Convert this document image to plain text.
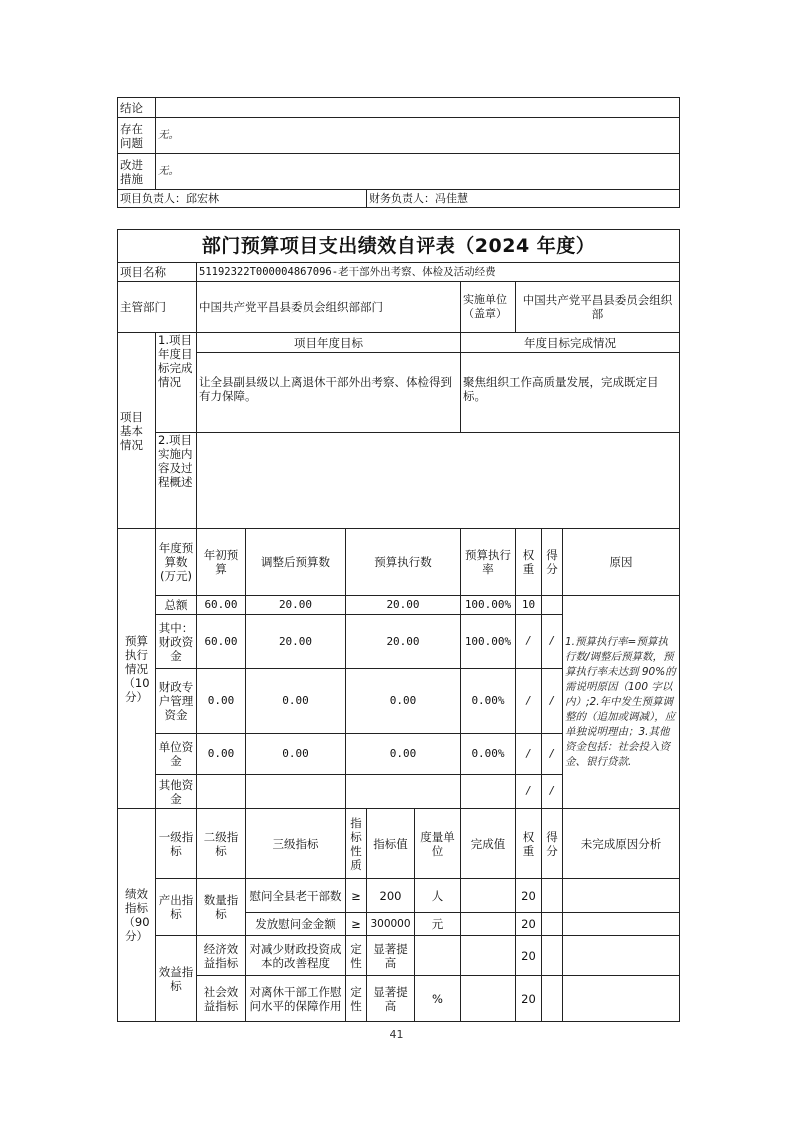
结论		
存在问题	无。	
改进措施	无。	
项目负责人：邱宏林		财务负责人：冯佳慧
部门预算项目支出绩效自评表（2024 年度）										
项目名称		51192322T000004867096-老干部外出考察、体检及活动经费								
主管部门		中国共产党平昌县委员会组织部部门					实施单位（盖章）	中国共产党平昌县委员会组织部		
项目基本情况	1.项目年度目标完成情况	项目年度目标					年度目标完成情况			
		让全县副县级以上离退休干部外出考察、体检得到有力保障。					聚焦组织工作高质量发展，完成既定目标。			
	2.项目实施内容及过程概述									
预算执行情况（10分）	年度预算数(万元)	年初预算	调整后预算数	预算执行数			预算执行率	权重	得分	原因
	总额	60.00	20.00	20.00			100.00%	10		1.预算执行率=预算执行数/调整后预算数，预算执行率未达到 90%的需说明原因（100 字以内）;2.年中发生预算调整的（追加或调减），应单独说明理由；3.其他资金包括：社会投入资金、银行贷款.
	其中：财政资金	60.00	20.00	20.00			100.00%	/	/	
	财政专户管理资金	0.00	0.00	0.00			0.00%	/	/	
	单位资金	0.00	0.00	0.00			0.00%	/	/	
	其他资金							/	/	
绩效指标（90分）	一级指标	二级指标	三级指标	指标性质	指标值	度量单位	完成值	权重	得分	未完成原因分析
	产出指标	数量指标	慰问全县老干部数	≥	200	人		20		
			发放慰问金金额	≥	300000	元		20		
	效益指标	经济效益指标	对减少财政投资成本的改善程度	定性	显著提高			20		
		社会效益指标	对离休干部工作慰问水平的保障作用	定性	显著提高	%		20		
41
